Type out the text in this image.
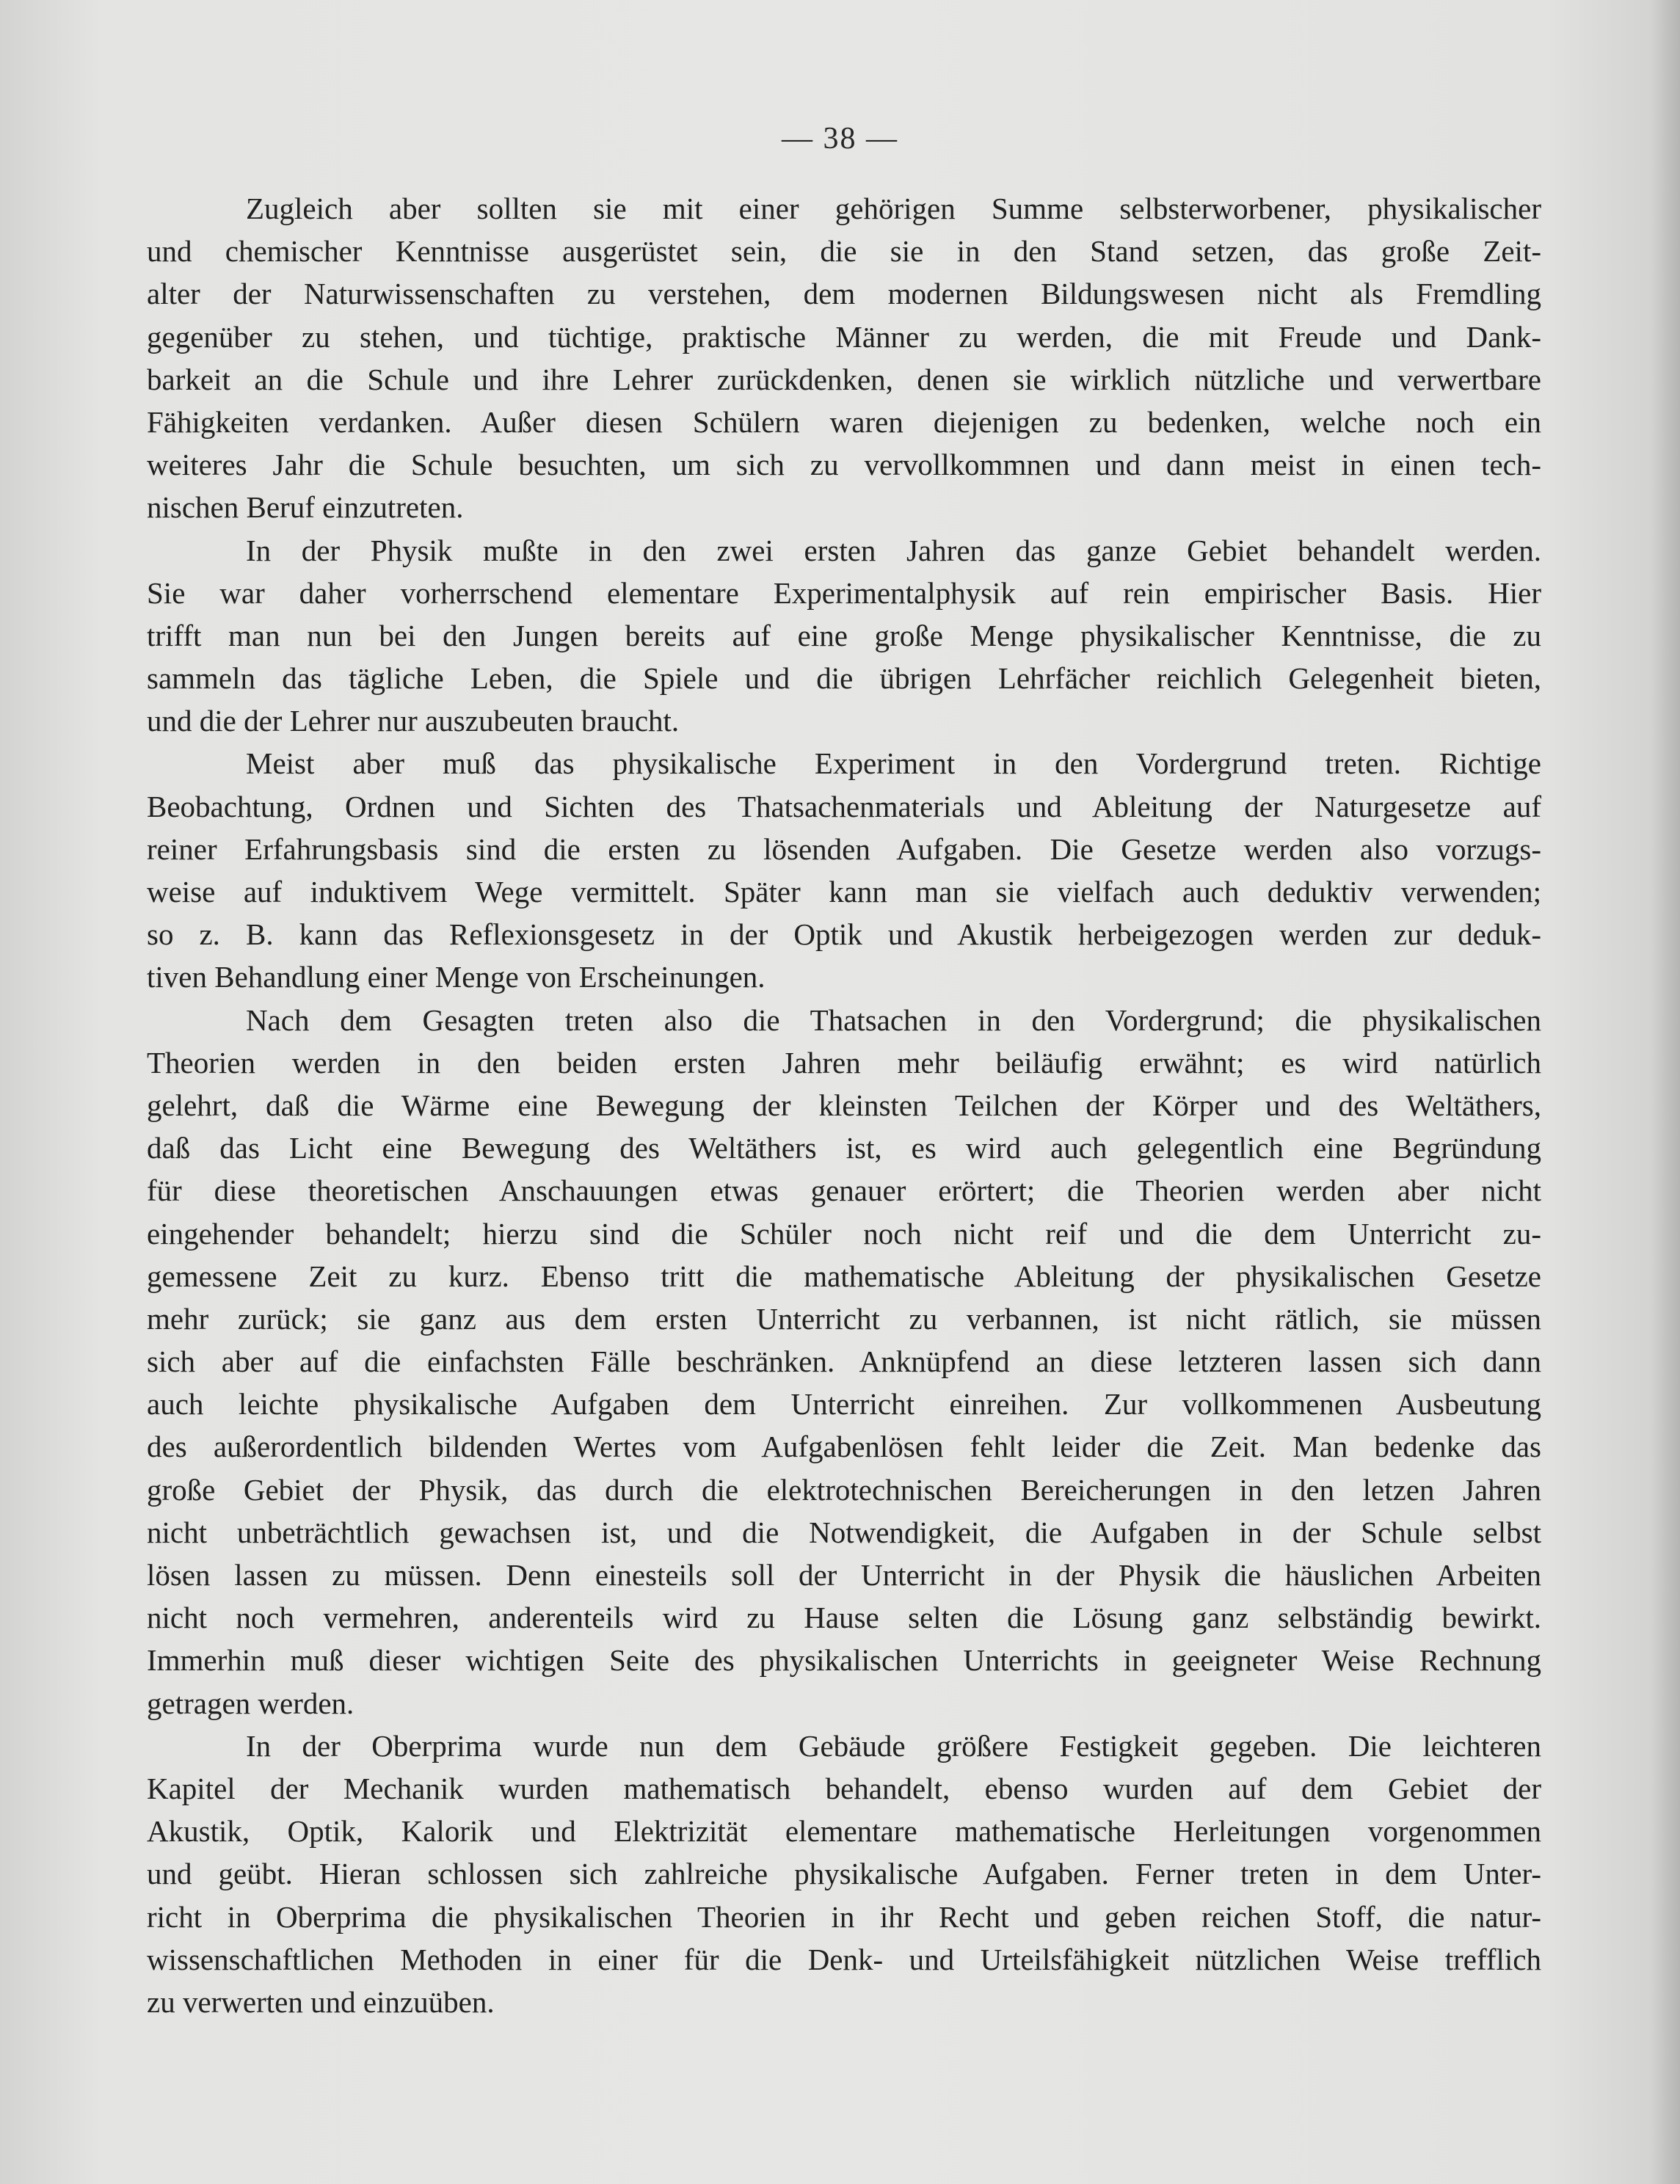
— 38 —
Zugleich aber sollten sie mit einer gehörigen Summe selbsterworbener, physikalischer
und chemischer Kenntnisse ausgerüstet sein, die sie in den Stand setzen, das große Zeit-
alter der Naturwissenschaften zu verstehen, dem modernen Bildungswesen nicht als Fremdling
gegenüber zu stehen, und tüchtige, praktische Männer zu werden, die mit Freude und Dank-
barkeit an die Schule und ihre Lehrer zurückdenken, denen sie wirklich nützliche und verwertbare
Fähigkeiten verdanken. Außer diesen Schülern waren diejenigen zu bedenken, welche noch ein
weiteres Jahr die Schule besuchten, um sich zu vervollkommnen und dann meist in einen tech-
nischen Beruf einzutreten.
In der Physik mußte in den zwei ersten Jahren das ganze Gebiet behandelt werden.
Sie war daher vorherrschend elementare Experimentalphysik auf rein empirischer Basis. Hier
trifft man nun bei den Jungen bereits auf eine große Menge physikalischer Kenntnisse, die zu
sammeln das tägliche Leben, die Spiele und die übrigen Lehrfächer reichlich Gelegenheit bieten,
und die der Lehrer nur auszubeuten braucht.
Meist aber muß das physikalische Experiment in den Vordergrund treten. Richtige
Beobachtung, Ordnen und Sichten des Thatsachenmaterials und Ableitung der Naturgesetze auf
reiner Erfahrungsbasis sind die ersten zu lösenden Aufgaben. Die Gesetze werden also vorzugs-
weise auf induktivem Wege vermittelt. Später kann man sie vielfach auch deduktiv verwenden;
so z. B. kann das Reflexionsgesetz in der Optik und Akustik herbeigezogen werden zur deduk-
tiven Behandlung einer Menge von Erscheinungen.
Nach dem Gesagten treten also die Thatsachen in den Vordergrund; die physikalischen
Theorien werden in den beiden ersten Jahren mehr beiläufig erwähnt; es wird natürlich
gelehrt, daß die Wärme eine Bewegung der kleinsten Teilchen der Körper und des Weltäthers,
daß das Licht eine Bewegung des Weltäthers ist, es wird auch gelegentlich eine Begründung
für diese theoretischen Anschauungen etwas genauer erörtert; die Theorien werden aber nicht
eingehender behandelt; hierzu sind die Schüler noch nicht reif und die dem Unterricht zu-
gemessene Zeit zu kurz. Ebenso tritt die mathematische Ableitung der physikalischen Gesetze
mehr zurück; sie ganz aus dem ersten Unterricht zu verbannen, ist nicht rätlich, sie müssen
sich aber auf die einfachsten Fälle beschränken. Anknüpfend an diese letzteren lassen sich dann
auch leichte physikalische Aufgaben dem Unterricht einreihen. Zur vollkommenen Ausbeutung
des außerordentlich bildenden Wertes vom Aufgabenlösen fehlt leider die Zeit. Man bedenke das
große Gebiet der Physik, das durch die elektrotechnischen Bereicherungen in den letzen Jahren
nicht unbeträchtlich gewachsen ist, und die Notwendigkeit, die Aufgaben in der Schule selbst
lösen lassen zu müssen. Denn einesteils soll der Unterricht in der Physik die häuslichen Arbeiten
nicht noch vermehren, anderenteils wird zu Hause selten die Lösung ganz selbständig bewirkt.
Immerhin muß dieser wichtigen Seite des physikalischen Unterrichts in geeigneter Weise Rechnung
getragen werden.
In der Oberprima wurde nun dem Gebäude größere Festigkeit gegeben. Die leichteren
Kapitel der Mechanik wurden mathematisch behandelt, ebenso wurden auf dem Gebiet der
Akustik, Optik, Kalorik und Elektrizität elementare mathematische Herleitungen vorgenommen
und geübt. Hieran schlossen sich zahlreiche physikalische Aufgaben. Ferner treten in dem Unter-
richt in Oberprima die physikalischen Theorien in ihr Recht und geben reichen Stoff, die natur-
wissenschaftlichen Methoden in einer für die Denk- und Urteilsfähigkeit nützlichen Weise trefflich
zu verwerten und einzuüben.
